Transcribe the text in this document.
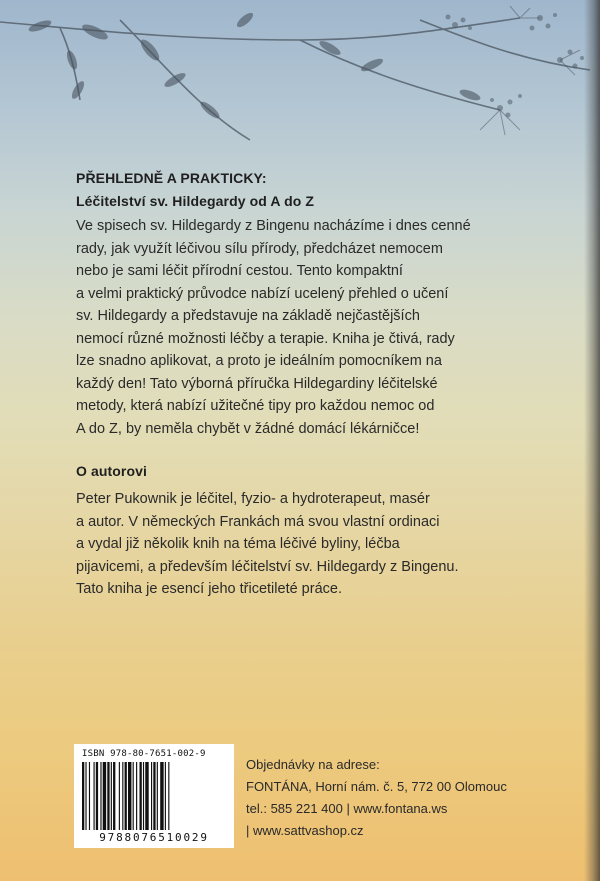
PŘEHLEDNĚ A PRAKTICKY:
Léčitelství sv. Hildegardy od A do Z
Ve spisech sv. Hildegardy z Bingenu nacházíme i dnes cenné
rady, jak využít léčivou sílu přírody, předcházet nemocem
nebo je sami léčit přírodní cestou. Tento kompaktní
a velmi praktický průvodce nabízí ucelený přehled o učení
sv. Hildegardy a představuje na základě nejčastějších
nemocí různé možnosti léčby a terapie. Kniha je čtivá, rady
lze snadno aplikovat, a proto je ideálním pomocníkem na
každý den! Tato výborná příručka Hildegardiny léčitelské
metody, která nabízí užitečné tipy pro každou nemoc od
A do Z, by neměla chybět v žádné domácí lékárničce!
O autorovi
Peter Pukownik je léčitel, fyzio- a hydroterapeut, masér
a autor. V německých Frankách má svou vlastní ordinaci
a vydal již několik knih na téma léčivé byliny, léčba
pijavicemi, a především léčitelství sv. Hildegardy z Bingenu.
Tato kniha je esencí jeho třicetileté práce.
ISBN 978-80-7651-002-9
9788076510029
Objednávky na adrese:
FONTÁNA, Horní nám. č. 5, 772 00 Olomouc
tel.: 585 221 400 | www.fontana.ws
| www.sattvashop.cz
